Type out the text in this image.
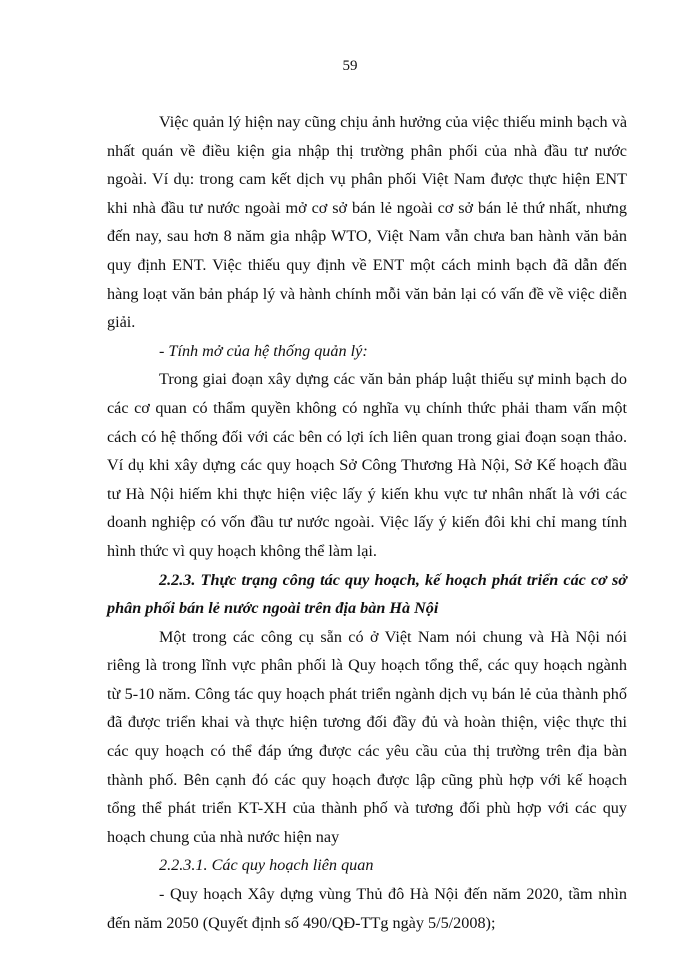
59

Việc quản lý hiện nay cũng chịu ảnh hưởng của việc thiếu minh bạch và nhất quán về điều kiện gia nhập thị trường phân phối của nhà đầu tư nước ngoài. Ví dụ: trong cam kết dịch vụ phân phối Việt Nam được thực hiện ENT khi nhà đầu tư nước ngoài mở cơ sở bán lẻ ngoài cơ sở bán lẻ thứ nhất, nhưng đến nay, sau hơn 8 năm gia nhập WTO, Việt Nam vẫn chưa ban hành văn bản quy định ENT. Việc thiếu quy định về ENT một cách minh bạch đã dẫn đến hàng loạt văn bản pháp lý và hành chính mỗi văn bản lại có vấn đề về việc diễn giải.

- Tính mở của hệ thống quản lý:

Trong giai đoạn xây dựng các văn bản pháp luật thiếu sự minh bạch do các cơ quan có thẩm quyền không có nghĩa vụ chính thức phải tham vấn một cách có hệ thống đối với các bên có lợi ích liên quan trong giai đoạn soạn thảo. Ví dụ khi xây dựng các quy hoạch Sở Công Thương Hà Nội, Sở Kế hoạch đầu tư Hà Nội hiếm khi thực hiện việc lấy ý kiến khu vực tư nhân nhất là với các doanh nghiệp có vốn đầu tư nước ngoài. Việc lấy ý kiến đôi khi chỉ mang tính hình thức vì quy hoạch không thể làm lại.

2.2.3. Thực trạng công tác quy hoạch, kế hoạch phát triển các cơ sở phân phối bán lẻ nước ngoài trên địa bàn Hà Nội

Một trong các công cụ sẵn có ở Việt Nam nói chung và Hà Nội nói riêng là trong lĩnh vực phân phối là Quy hoạch tổng thể, các quy hoạch ngành từ 5-10 năm. Công tác quy hoạch phát triển ngành dịch vụ bán lẻ của thành phố đã được triển khai và thực hiện tương đối đầy đủ và hoàn thiện, việc thực thi các quy hoạch có thể đáp ứng được các yêu cầu của thị trường trên địa bàn thành phố. Bên cạnh đó các quy hoạch được lập cũng phù hợp với kế hoạch tổng thể phát triển KT-XH của thành phố và tương đối phù hợp với các quy hoạch chung của nhà nước hiện nay

2.2.3.1. Các quy hoạch liên quan

- Quy hoạch Xây dựng vùng Thủ đô Hà Nội đến năm 2020, tầm nhìn đến năm 2050 (Quyết định số 490/QĐ-TTg ngày 5/5/2008);
